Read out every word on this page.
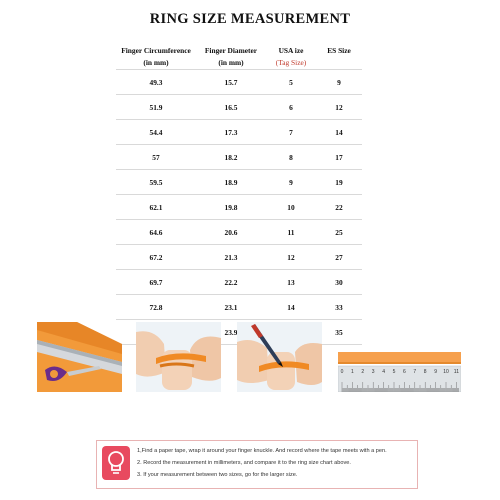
RING SIZE MEASUREMENT
Finger Circumference	Finger Diameter	USA ize	ES Size
(in mm)	(in mm)	(Tag Size)	
49.3	15.7	5	9
51.9	16.5	6	12
54.4	17.3	7	14
57	18.2	8	17
59.5	18.9	9	19
62.1	19.8	10	22
64.6	20.6	11	25
67.2	21.3	12	27
69.7	22.2	13	30
72.8	23.1	14	33
	23.9		35
0 1 2 3 4 5 6 7 8 9 10 11
1,Find a paper tape, wrap it around your finger knuckle. And record where the tape meets with a pen.
2. Record the measurement in millimeters, and compare it to the ring size chart above.
3. If your measurement between two sizes, go for the larger size.
